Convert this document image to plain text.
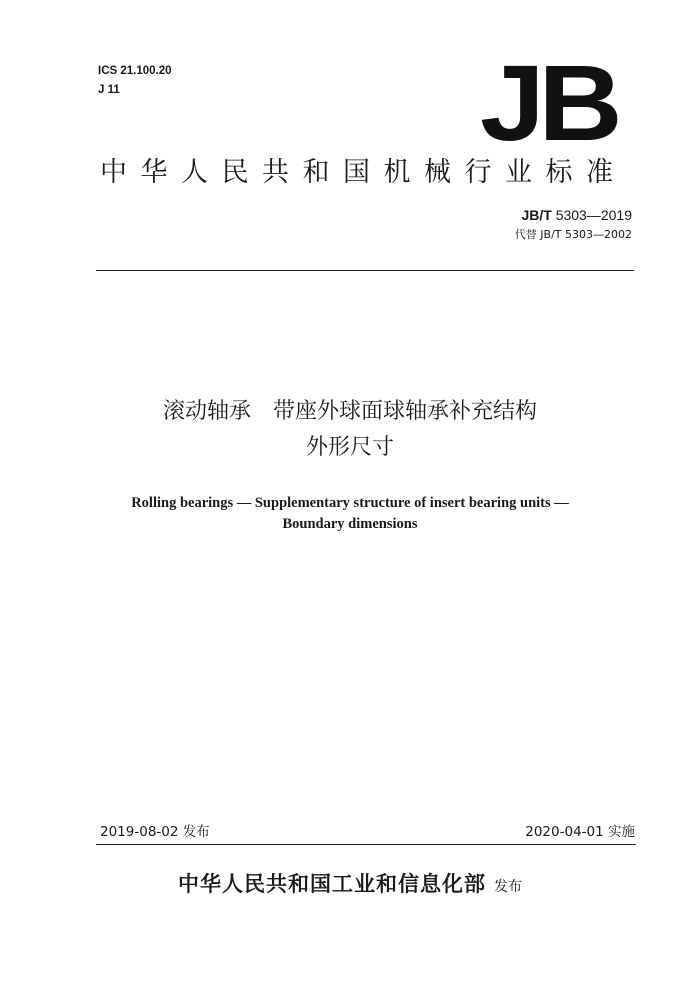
ICS 21.100.20
J 11	JB
中华人民共和国机械行业标准
JB/T 5303—2019
代替 JB/T 5303—2002
滚动轴承　带座外球面球轴承补充结构
外形尺寸
Rolling bearings — Supplementary structure of insert bearing units —
Boundary dimensions
2019-08-02 发布	2020-04-01 实施
中华人民共和国工业和信息化部 发布
